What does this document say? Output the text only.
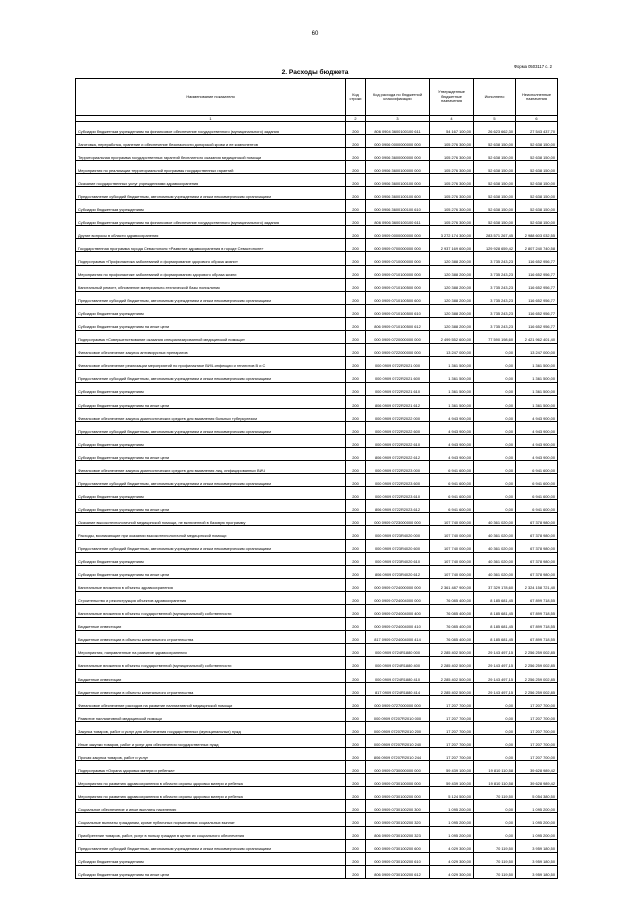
60
Форма 0503117 с. 2
2. Расходы бюджета
Наименование показателя	Код строки	Код расхода по бюджетной классификации	Утвержденные бюджетные назначения	Исполнено	Неисполненные назначения
1	2	3	4	5	6
Субсидии бюджетным учреждениям на финансовое обеспечение государственного (муниципального) задания	200	806 0904 3600100100 611	54 167 100,00	26 623 662,30	27 543 437,70
Заготовка, переработка, хранение и обеспечение безопасности донорской крови и ее компонентов	200	000 0906 0000000000 000	105 276 300,00	52 638 150,00	52 638 150,00
Территориальная программа государственных гарантий бесплатного оказания медицинской помощи	200	000 0906 3600000000 000	105 276 300,00	52 638 150,00	52 638 150,00
Мероприятия по реализации территориальной программы государственных гарантий	200	000 0906 3600100000 000	105 276 300,00	52 638 150,00	52 638 150,00
Оказание государственных услуг учреждениями здравоохранения	200	000 0906 3600100100 000	105 276 300,00	52 638 150,00	52 638 150,00
Предоставление субсидий бюджетным, автономным учреждениям и иным некоммерческим организациям	200	000 0906 3600100100 600	105 276 300,00	52 638 150,00	52 638 150,00
Субсидии бюджетным учреждениям	200	000 0906 3600100100 610	105 276 300,00	52 638 150,00	52 638 150,00
Субсидии бюджетным учреждениям на финансовое обеспечение государственного (муниципального) задания	200	806 0906 3600100100 611	105 276 300,00	52 638 150,00	52 638 150,00
Другие вопросы в области здравоохранения	200	000 0909 0000000000 000	3 272 174 300,00	283 571 267,45	2 988 603 032,55
Государственная программа города Севастополя «Развитие здравоохранения в городе Севастополе»	200	000 0909 0700000000 000	2 937 169 600,00	129 928 659,42	2 807 240 740,58
Подпрограмма «Профилактика заболеваний и формирование здорового образа жизни»	200	000 0909 0710000000 000	120 388 200,00	3 735 243,23	116 652 956,77
Мероприятия по профилактике заболеваний и формированию здорового образа жизни	200	000 0909 0710100000 000	120 388 200,00	3 735 243,23	116 652 956,77
Капитальный ремонт, обновление материально-технической базы поликлиник	200	000 0909 0710100500 000	120 388 200,00	3 735 243,23	116 652 956,77
Предоставление субсидий бюджетным, автономным учреждениям и иным некоммерческим организациям	200	000 0909 0710100500 600	120 388 200,00	3 735 243,23	116 652 956,77
Субсидии бюджетным учреждениям	200	000 0909 0710100500 610	120 388 200,00	3 735 243,23	116 652 956,77
Субсидии бюджетным учреждениям на иные цели	200	806 0909 0710100500 612	120 388 200,00	3 735 243,23	116 652 956,77
Подпрограмма «Совершенствование оказания специализированной медицинской помощи»	200	000 0909 0720000000 000	2 499 552 600,00	77 590 198,60	2 421 962 401,40
Финансовое обеспечение закупок антивирусных препаратов	200	000 0909 0722000000 000	13 247 000,00	0,00	13 247 000,00
Финансовое обеспечение реализации мероприятий по профилактике ВИЧ-инфекции и гепатитов B и C	200	000 0909 0722R2021 000	1 361 500,00	0,00	1 361 500,00
Предоставление субсидий бюджетным, автономным учреждениям и иным некоммерческим организациям	200	000 0909 0722R2021 600	1 361 500,00	0,00	1 361 500,00
Субсидии бюджетным учреждениям	200	000 0909 0722R2021 610	1 361 500,00	0,00	1 361 500,00
Субсидии бюджетным учреждениям на иные цели	200	806 0909 0722R2021 612	1 361 500,00	0,00	1 361 500,00
Финансовое обеспечение закупок диагностических средств для выявления больных туберкулезом	200	000 0909 0722R2022 000	4 943 900,00	0,00	4 943 900,00
Предоставление субсидий бюджетным, автономным учреждениям и иным некоммерческим организациям	200	000 0909 0722R2022 600	4 943 900,00	0,00	4 943 900,00
Субсидии бюджетным учреждениям	200	000 0909 0722R2022 610	4 943 900,00	0,00	4 943 900,00
Субсидии бюджетным учреждениям на иные цели	200	806 0909 0722R2022 612	4 943 900,00	0,00	4 943 900,00
Финансовое обеспечение закупок диагностических средств для выявления лиц, инфицированных ВИЧ	200	000 0909 0722R2023 000	6 941 600,00	0,00	6 941 600,00
Предоставление субсидий бюджетным, автономным учреждениям и иным некоммерческим организациям	200	000 0909 0722R2023 600	6 941 600,00	0,00	6 941 600,00
Субсидии бюджетным учреждениям	200	000 0909 0722R2023 610	6 941 600,00	0,00	6 941 600,00
Субсидии бюджетным учреждениям на иные цели	200	806 0909 0722R2023 612	6 941 600,00	0,00	6 941 600,00
Оказание высокотехнологичной медицинской помощи, не включенной в базовую программу	200	000 0909 0723000000 000	107 740 000,00	40 361 020,00	67 378 980,00
Расходы, возникающие при оказании высокотехнологичной медицинской помощи	200	000 0909 0723R4020 000	107 740 000,00	40 361 020,00	67 378 980,00
Предоставление субсидий бюджетным, автономным учреждениям и иным некоммерческим организациям	200	000 0909 0723R4020 600	107 740 000,00	40 361 020,00	67 378 980,00
Субсидии бюджетным учреждениям	200	000 0909 0723R4020 610	107 740 000,00	40 361 020,00	67 378 980,00
Субсидии бюджетным учреждениям на иные цели	200	806 0909 0723R4020 612	107 740 000,00	40 361 020,00	67 378 980,00
Капитальные вложения в объекты здравоохранения	200	000 0909 0724000000 000	2 361 487 900,00	37 329 178,60	2 324 158 721,40
Строительство и реконструкция объектов здравоохранения	200	000 0909 0724004000 000	76 085 400,00	8 185 681,45	67 899 718,55
Капитальные вложения в объекты государственной (муниципальной) собственности	200	000 0909 0724004000 400	76 085 400,00	8 185 681,45	67 899 718,55
Бюджетные инвестиции	200	000 0909 0724004000 410	76 085 400,00	8 185 681,45	67 899 718,55
Бюджетные инвестиции в объекты капитального строительства	200	817 0909 0724004000 414	76 085 400,00	8 185 681,45	67 899 718,55
Мероприятия, направленные на развитие здравоохранения	200	000 0909 0724R1880 000	2 285 402 500,00	29 143 497,15	2 256 259 002,85
Капитальные вложения в объекты государственной (муниципальной) собственности	200	000 0909 0724R1880 400	2 285 402 500,00	29 143 497,15	2 256 259 002,85
Бюджетные инвестиции	200	000 0909 0724R1880 410	2 285 402 500,00	29 143 497,15	2 256 259 002,85
Бюджетные инвестиции в объекты капитального строительства	200	817 0909 0724R1880 414	2 285 402 500,00	29 143 497,15	2 256 259 002,85
Финансовое обеспечение расходов на развитие паллиативной медицинской помощи	200	000 0909 0727000000 000	17 207 700,00	0,00	17 207 700,00
Развитие паллиативной медицинской помощи	200	000 0909 07207R2010 000	17 207 700,00	0,00	17 207 700,00
Закупка товаров, работ и услуг для обеспечения государственных (муниципальных) нужд	200	000 0909 07207R2010 200	17 207 700,00	0,00	17 207 700,00
Иные закупки товаров, работ и услуг для обеспечения государственных нужд	200	000 0909 07207R2010 240	17 207 700,00	0,00	17 207 700,00
Прочая закупка товаров, работ и услуг	200	806 0909 07207R2010 244	17 207 700,00	0,00	17 207 700,00
Подпрограмма «Охрана здоровья матери и ребенка»	200	000 0909 0730000000 000	59 439 100,00	19 810 110,58	39 628 989,42
Мероприятия по развитию здравоохранения в области охраны здоровья матери и ребенка	200	000 0909 0730100000 000	59 439 100,00	19 810 110,58	39 628 989,42
Мероприятия по развитию здравоохранения в области охраны здоровья матери и ребенка	200	000 0909 0730100200 000	5 124 500,00	70 119,50	5 054 380,50
Социальное обеспечение и иные выплаты населению	200	000 0909 0730100200 300	1 095 200,00	0,00	1 095 200,00
Социальные выплаты гражданам, кроме публичных нормативных социальных выплат	200	000 0909 0730100200 320	1 095 200,00	0,00	1 095 200,00
Приобретение товаров, работ, услуг в пользу граждан в целях их социального обеспечения	200	806 0909 0730100200 323	1 095 200,00	0,00	1 095 200,00
Предоставление субсидий бюджетным, автономным учреждениям и иным некоммерческим организациям	200	000 0909 0730100200 600	4 029 300,00	70 119,50	3 959 180,50
Субсидии бюджетным учреждениям	200	000 0909 0730100200 610	4 029 300,00	70 119,50	3 959 180,50
Субсидии бюджетным учреждениям на иные цели	200	806 0909 0730100200 612	4 029 300,00	70 119,50	3 959 180,50
